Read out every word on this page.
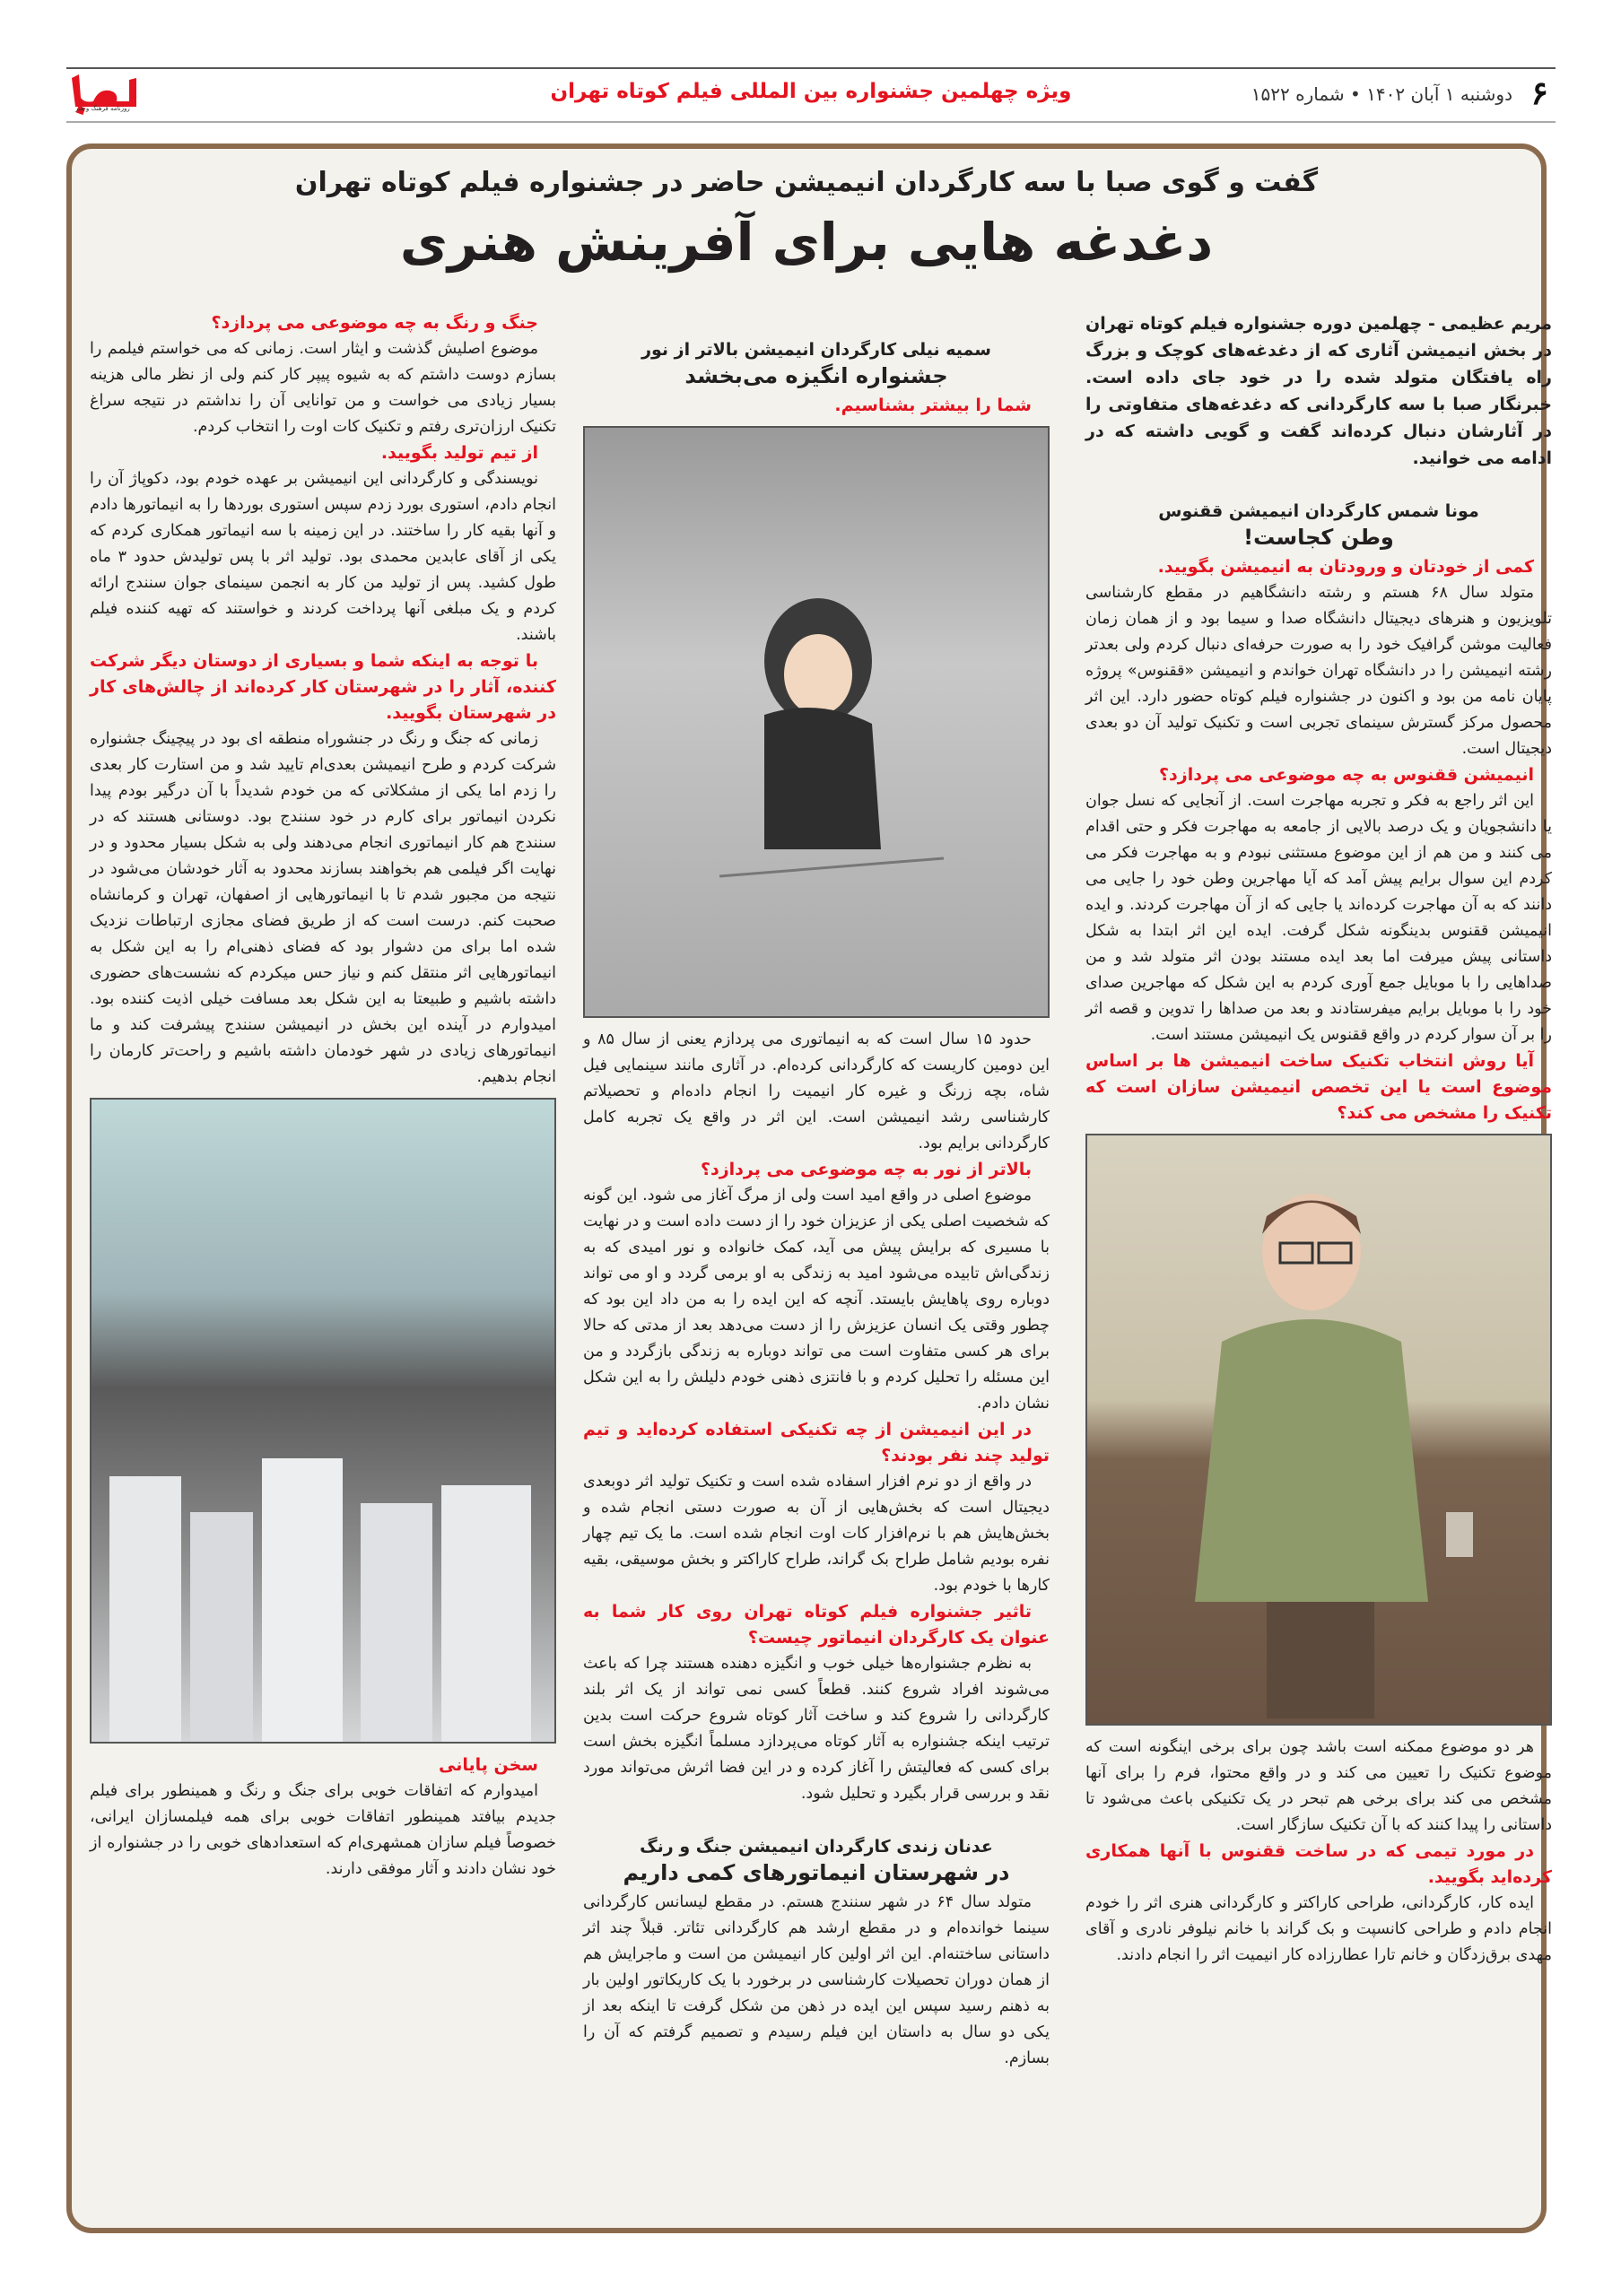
۶
دوشنبه ۱ آبان ۱۴۰۲ • شماره ۱۵۲۲
ویژه چهلمین جشنواره بین المللی فیلم کوتاه تهران
روزنامه فرهنگ و هنر
گفت و گوی صبا با سه کارگردان انیمیشن حاضر در جشنواره فیلم کوتاه تهران
دغدغه هایی برای آفرینش هنری

مریم عظیمی - چهلمین دوره جشنواره فیلم کوتاه تهران در بخش انیمیشن آثاری که از دغدغه‌های کوچک و بزرگ راه یافتگان متولد شده را در خود جای داده است. خبرنگار صبا با سه کارگردانی که دغدغه‌های متفاوتی را در آثارشان دنبال کرده‌اند گفت و گویی داشته که در ادامه می خوانید.

مونا شمس کارگردان انیمیشن ققنوس

وطن کجاست!

کمی از خودتان و ورودتان به انیمیشن بگویید.

متولد سال ۶۸ هستم و رشته دانشگاهیم در مقطع کارشناسی تلویزیون و هنرهای دیجیتال دانشگاه صدا و سیما بود و از همان زمان فعالیت موشن گرافیک خود را به صورت حرفه‌ای دنبال کردم ولی بعدتر رشته انیمیشن را در دانشگاه تهران خواندم و انیمیشن «ققنوس» پروژه پایان نامه من بود و اکنون در جشنواره فیلم کوتاه حضور دارد. این اثر محصول مرکز گسترش سینمای تجربی است و تکنیک تولید آن دو بعدی دیجیتال است.

انیمیشن ققنوس به چه موضوعی می پردازد؟

این اثر راجع به فکر و تجربه مهاجرت است. از آنجایی که نسل جوان یا دانشجویان و یک درصد بالایی از جامعه به مهاجرت فکر و حتی اقدام می کنند و من هم از این موضوع مستثنی نبودم و به مهاجرت فکر می کردم این سوال برایم پیش آمد که آیا مهاجرین وطن خود را جایی می دانند که به آن مهاجرت کرده‌اند یا جایی که از آن مهاجرت کردند. و ایده انیمیشن ققنوس بدینگونه شکل گرفت. ایده این اثر ابتدا به شکل داستانی پیش میرفت اما بعد ایده مستند بودن اثر متولد شد و من صداهایی را با موبایل جمع آوری کردم به این شکل که مهاجرین صدای خود را با موبایل برایم میفرستادند و بعد من صداها را تدوین و قصه اثر را بر آن سوار کردم در واقع ققنوس یک انیمیشن مستند است.

آیا روش انتخاب تکنیک ساخت انیمیشن ها بر اساس موضوع است یا این تخصص انیمیشن سازان است که تکنیک را مشخص می کند؟

هر دو موضوع ممکنه است باشد چون برای برخی اینگونه است که موضوع تکنیک را تعیین می کند و در واقع محتوا، فرم را برای آنها مشخص می کند برای برخی هم تبحر در یک تکنیکی باعث می‌شود تا داستانی را پیدا کنند که با آن تکنیک سازگار است.

در مورد تیمی که در ساخت ققنوس با آنها همکاری کرده‌اید بگویید.

ایده کار، کارگردانی، طراحی کاراکتر و کارگردانی هنری اثر را خودم انجام دادم و طراحی کانسپت و بک گراند با خانم نیلوفر نادری و آقای مهدی برق‌زدگان و خانم تارا عطارزاده کار انیمیت اثر را انجام دادند.

سمیه نیلی کارگردان انیمیشن بالاتر از نور

جشنواره انگیزه می‌بخشد

شما را بیشتر بشناسیم.

حدود ۱۵ سال است که به انیماتوری می پردازم یعنی از سال ۸۵ و این دومین کاریست که کارگردانی کرده‌ام. در آثاری مانند سینمایی فیل شاه، بچه زرنگ و غیره کار انیمیت را انجام داده‌ام و تحصیلاتم کارشناسی رشد انیمیشن است. این اثر در واقع یک تجربه کامل کارگردانی برایم بود.

بالاتر از نور به چه موضوعی می پردازد؟

موضوع اصلی در واقع امید است ولی از مرگ آغاز می شود. این گونه که شخصیت اصلی یکی از عزیزان خود را از دست داده است و در نهایت با مسیری که برایش پیش می آید، کمک خانواده و نور امیدی که به زندگی‌اش تابیده می‌شود امید به زندگی به او برمی گردد و او می تواند دوباره روی پاهایش بایستد. آنچه که این ایده را به من داد این بود که چطور وقتی یک انسان عزیزش را از دست می‌دهد بعد از مدتی که حالا برای هر کسی متفاوت است می تواند دوباره به زندگی بازگردد و من این مسئله را تحلیل کردم و با فانتزی ذهنی خودم دلیلش را به این شکل نشان دادم.

در این انیمیشن از چه تکنیکی استفاده کرده‌اید و تیم تولید چند نفر بودند؟

در واقع از دو نرم افزار اسفاده شده است و تکنیک تولید اثر دوبعدی دیجیتال است که بخش‌هایی از آن به صورت دستی انجام شده و بخش‌هایش هم با نرم‌افزار کات اوت انجام شده است. ما یک تیم چهار نفره بودیم شامل طراح بک گراند، طراح کاراکتر و بخش موسیقی، بقیه کارها با خودم بود.

تاثیر جشنواره فیلم کوتاه تهران روی کار شما به عنوان یک کارگردان انیماتور چیست؟

به نظرم جشنواره‌ها خیلی خوب و انگیزه دهنده هستند چرا که باعث می‌شوند افراد شروع کنند. قطعاً کسی نمی تواند از یک اثر بلند کارگردانی را شروع کند و ساخت آثار کوتاه شروع حرکت است بدین ترتیب اینکه جشنواره به آثار کوتاه می‌پردازد مسلماً انگیزه بخش است برای کسی که فعالیتش را آغاز کرده و در این فضا اثرش می‌تواند مورد نقد و بررسی قرار بگیرد و تحلیل شود.

عدنان زندی کارگردان انیمیشن جنگ و رنگ

در شهرستان انیماتورهای کمی داریم

متولد سال ۶۴ در شهر سنندج هستم. در مقطع لیسانس کارگردانی سینما خوانده‌ام و در مقطع ارشد هم کارگردانی تئاتر. قبلاً چند اثر داستانی ساختنه‌ام. این اثر اولین کار انیمیشن من است و ماجرایش هم از همان دوران تحصیلات کارشناسی در برخورد با یک کاریکاتور اولین بار به ذهنم رسید سپس این ایده در ذهن من شکل گرفت تا اینکه بعد از یکی دو سال به داستان این فیلم رسیدم و تصمیم گرفتم که آن را بسازم.

جنگ و رنگ به چه موضوعی می پردازد؟

موضوع اصلیش گذشت و ایثار است. زمانی که می خواستم فیلمم را بسازم دوست داشتم که به شیوه پیپر کار کنم ولی از نظر مالی هزینه بسیار زیادی می خواست و من توانایی آن را نداشتم در نتیجه سراغ تکنیک ارزان‌تری رفتم و تکنیک کات اوت را انتخاب کردم.

از تیم تولید بگویید.

نویسندگی و کارگردانی این انیمیشن بر عهده خودم بود، دکوپاژ آن را انجام دادم، استوری بورد زدم سپس استوری بوردها را به انیماتورها دادم و آنها بقیه کار را ساختند. در این زمینه با سه انیماتور همکاری کردم که یکی از آقای عابدین محمدی بود. تولید اثر با پس تولیدش حدود ۳ ماه طول کشید. پس از تولید من کار به انجمن سینمای جوان سنندج ارائه کردم و یک مبلغی آنها پرداخت کردند و خواستند که تهیه کننده فیلم باشند.

با توجه به اینکه شما و بسیاری از دوستان دیگر شرکت کننده، آثار را در شهرستان کار کرده‌اند از چالش‌های کار در شهرستان بگویید.

زمانی که جنگ و رنگ در جنشوراه منطقه ای بود در پیچینگ جشنواره شرکت کردم و طرح انیمیشن بعدی‌ام تایید شد و من استارت کار بعدی را زدم اما یکی از مشکلاتی که من خودم شدیداً با آن درگیر بودم پیدا نکردن انیماتور برای کارم در خود سنندج بود. دوستانی هستند که در سنندج هم کار انیماتوری انجام می‌دهند ولی به شکل بسیار محدود و در نهایت اگر فیلمی هم بخواهند بسازند محدود به آثار خودشان می‌شود در نتیجه من مجبور شدم تا با انیماتورهایی از اصفهان، تهران و کرمانشاه صحبت کنم. درست است که از طریق فضای مجازی ارتباطات نزدیک شده اما برای من دشوار بود که فضای ذهنی‌ام را به این شکل به انیماتورهایی اثر منتقل کنم و نیاز حس میکردم که نشست‌های حضوری داشته باشیم و طبیعتا به این شکل بعد مسافت خیلی اذیت کننده بود. امیدوارم در آینده این بخش در انیمیشن سنندج پیشرفت کند و ما انیماتورهای زیادی در شهر خودمان داشته باشیم و راحت‌تر کارمان را انجام بدهیم.

سخن پایانی

امیدوارم که اتفاقات خوبی برای جنگ و رنگ و همینطور برای فیلم جدیدم بیافتد همینطور اتفاقات خوبی برای همه فیلمسازان ایرانی، خصوصاً فیلم سازان همشهری‌ام که استعدادهای خوبی را در جشنواره از خود نشان دادند و آثار موفقی دارند.
